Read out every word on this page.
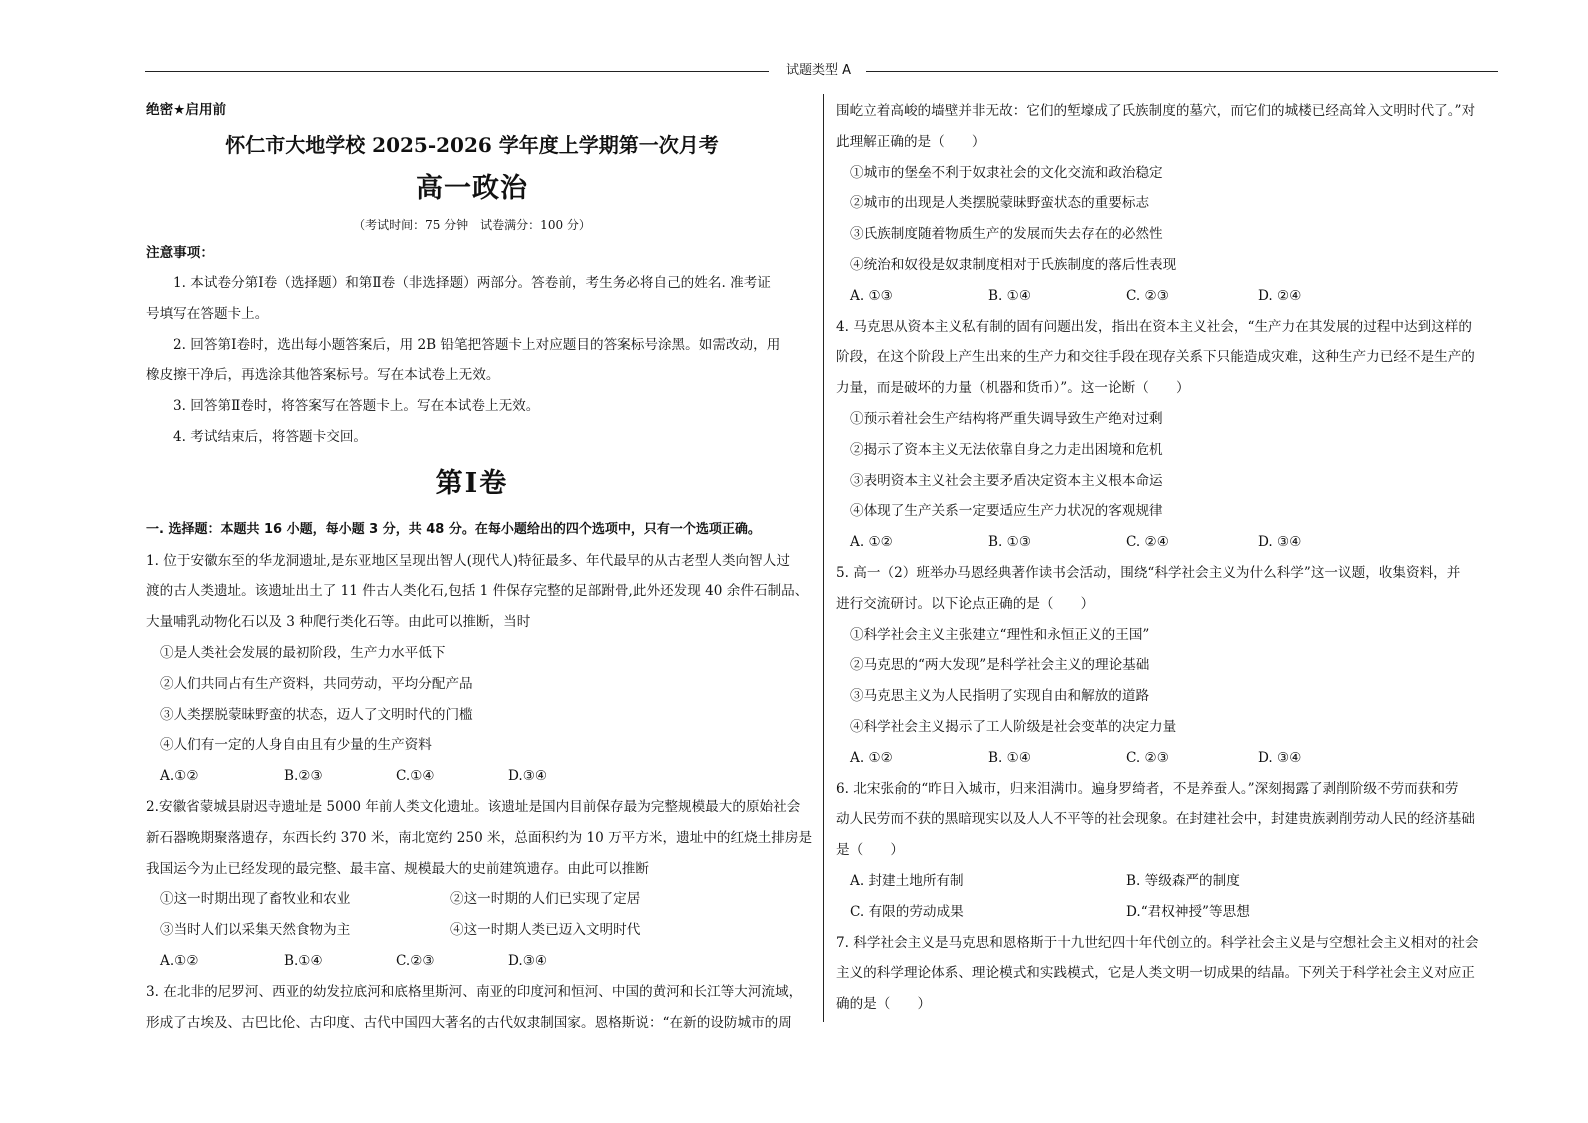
试题类型 A
绝密★启用前
怀仁市大地学校 2025-2026 学年度上学期第一次月考
高一政治
（考试时间：75 分钟　试卷满分：100 分）
注意事项：
1. 本试卷分第Ⅰ卷（选择题）和第Ⅱ卷（非选择题）两部分。答卷前，考生务必将自己的姓名. 准考证
号填写在答题卡上。
2. 回答第Ⅰ卷时，选出每小题答案后，用 2B 铅笔把答题卡上对应题目的答案标号涂黑。如需改动，用
橡皮擦干净后，再选涂其他答案标号。写在本试卷上无效。
3. 回答第Ⅱ卷时，将答案写在答题卡上。写在本试卷上无效。
4. 考试结束后，将答题卡交回。
第Ⅰ卷
一. 选择题：本题共 16 小题，每小题 3 分，共 48 分。在每小题给出的四个选项中，只有一个选项正确。
1. 位于安徽东至的华龙洞遗址,是东亚地区呈现出智人(现代人)特征最多、年代最早的从古老型人类向智人过
渡的古人类遗址。该遗址出土了 11 件古人类化石,包括 1 件保存完整的足部跗骨,此外还发现 40 余件石制品、
大量哺乳动物化石以及 3 种爬行类化石等。由此可以推断，当时
①是人类社会发展的最初阶段，生产力水平低下
②人们共同占有生产资料，共同劳动，平均分配产品
③人类摆脱蒙昧野蛮的状态，迈人了文明时代的门槛
④人们有一定的人身自由且有少量的生产资料
A.①②	B.②③	C.①④	D.③④
2.安徽省蒙城县尉迟寺遗址是 5000 年前人类文化遗址。该遗址是国内目前保存最为完整规模最大的原始社会
新石器晚期聚落遗存，东西长约 370 米，南北宽约 250 米，总面积约为 10 万平方米，遗址中的红烧土排房是
我国运今为止已经发现的最完整、最丰富、规模最大的史前建筑遗存。由此可以推断
①这一时期出现了畜牧业和农业	②这一时期的人们已实现了定居
③当时人们以采集天然食物为主	④这一时期人类已迈入文明时代
A.①②	B.①④	C.②③	D.③④
3. 在北非的尼罗河、西亚的幼发拉底河和底格里斯河、南亚的印度河和恒河、中国的黄河和长江等大河流域，
形成了古埃及、古巴比伦、古印度、古代中国四大著名的古代奴隶制国家。恩格斯说：“在新的设防城市的周
围屹立着高峻的墙壁并非无故：它们的堑壕成了氏族制度的墓穴，而它们的城楼已经高耸入文明时代了。”对
此理解正确的是（　　）
①城市的堡垒不利于奴隶社会的文化交流和政治稳定
②城市的出现是人类摆脱蒙昧野蛮状态的重要标志
③氏族制度随着物质生产的发展而失去存在的必然性
④统治和奴役是奴隶制度相对于氏族制度的落后性表现
A. ①③	B. ①④	C. ②③	D. ②④
4. 马克思从资本主义私有制的固有问题出发，指出在资本主义社会，“生产力在其发展的过程中达到这样的
阶段，在这个阶段上产生出来的生产力和交往手段在现存关系下只能造成灾难，这种生产力已经不是生产的
力量，而是破坏的力量（机器和货币）”。这一论断（　　）
①预示着社会生产结构将严重失调导致生产绝对过剩
②揭示了资本主义无法依靠自身之力走出困境和危机
③表明资本主义社会主要矛盾决定资本主义根本命运
④体现了生产关系一定要适应生产力状况的客观规律
A. ①②	B. ①③	C. ②④	D. ③④
5. 高一（2）班举办马恩经典著作读书会活动，围绕“科学社会主义为什么科学”这一议题，收集资料，并
进行交流研讨。以下论点正确的是（　　）
①科学社会主义主张建立“理性和永恒正义的王国”
②马克思的“两大发现”是科学社会主义的理论基础
③马克思主义为人民指明了实现自由和解放的道路
④科学社会主义揭示了工人阶级是社会变革的决定力量
A. ①②	B. ①④	C. ②③	D. ③④
6. 北宋张俞的“昨日入城市，归来泪满巾。遍身罗绮者，不是养蚕人。”深刻揭露了剥削阶级不劳而获和劳
动人民劳而不获的黑暗现实以及人人不平等的社会现象。在封建社会中，封建贵族剥削劳动人民的经济基础
是（　　）
A. 封建土地所有制	B. 等级森严的制度
C. 有限的劳动成果	D.“君权神授”等思想
7. 科学社会主义是马克思和恩格斯于十九世纪四十年代创立的。科学社会主义是与空想社会主义相对的社会
主义的科学理论体系、理论模式和实践模式，它是人类文明一切成果的结晶。下列关于科学社会主义对应正
确的是（　　）
